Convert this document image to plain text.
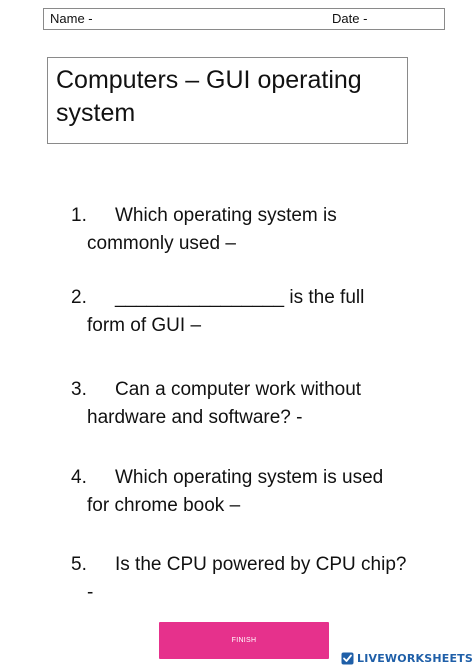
Name -	Date -
Computers – GUI operating
system
1. Which operating system is
commonly used –
2. ________________ is the full
form of GUI –
3. Can a computer work without
hardware and software? -
4. Which operating system is used
for chrome book –
5. Is the CPU powered by CPU chip?
-
FINISH
LIVEWORKSHEETS
